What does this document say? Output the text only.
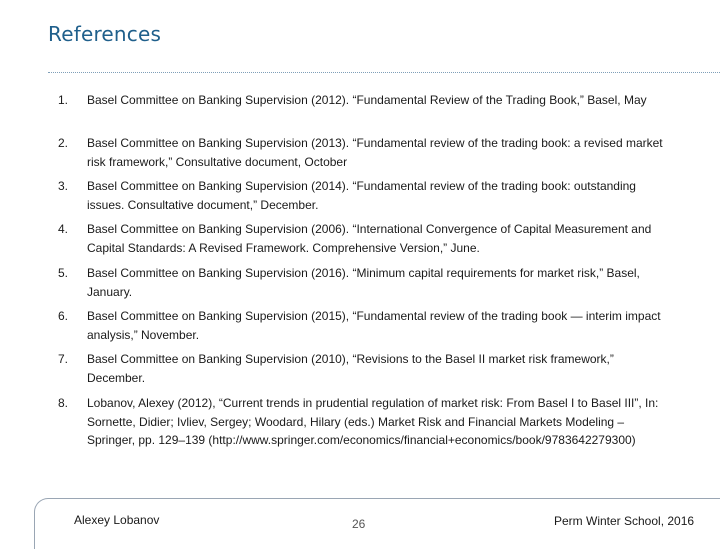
References
1. Basel Committee on Banking Supervision (2012). “Fundamental Review of the Trading Book,” Basel, May
2. Basel Committee on Banking Supervision (2013). “Fundamental review of the trading book: a revised market risk framework,” Consultative document, October
3. Basel Committee on Banking Supervision (2014). “Fundamental review of the trading book: outstanding issues. Consultative document,” December.
4. Basel Committee on Banking Supervision (2006). “International Convergence of Capital Measurement and Capital Standards: A Revised Framework. Comprehensive Version,” June.
5. Basel Committee on Banking Supervision (2016). “Minimum capital requirements for market risk,” Basel, January.
6. Basel Committee on Banking Supervision (2015), “Fundamental review of the trading book — interim impact analysis,” November.
7. Basel Committee on Banking Supervision (2010), “Revisions to the Basel II market risk framework,” December.
8. Lobanov, Alexey (2012), “Current trends in prudential regulation of market risk: From Basel I to Basel III”, In: Sornette, Didier; Ivliev, Sergey; Woodard, Hilary (eds.) Market Risk and Financial Markets Modeling – Springer, pp. 129–139 (http://www.springer.com/economics/financial+economics/book/9783642279300)
Alexey Lobanov	26	Perm Winter School, 2016
